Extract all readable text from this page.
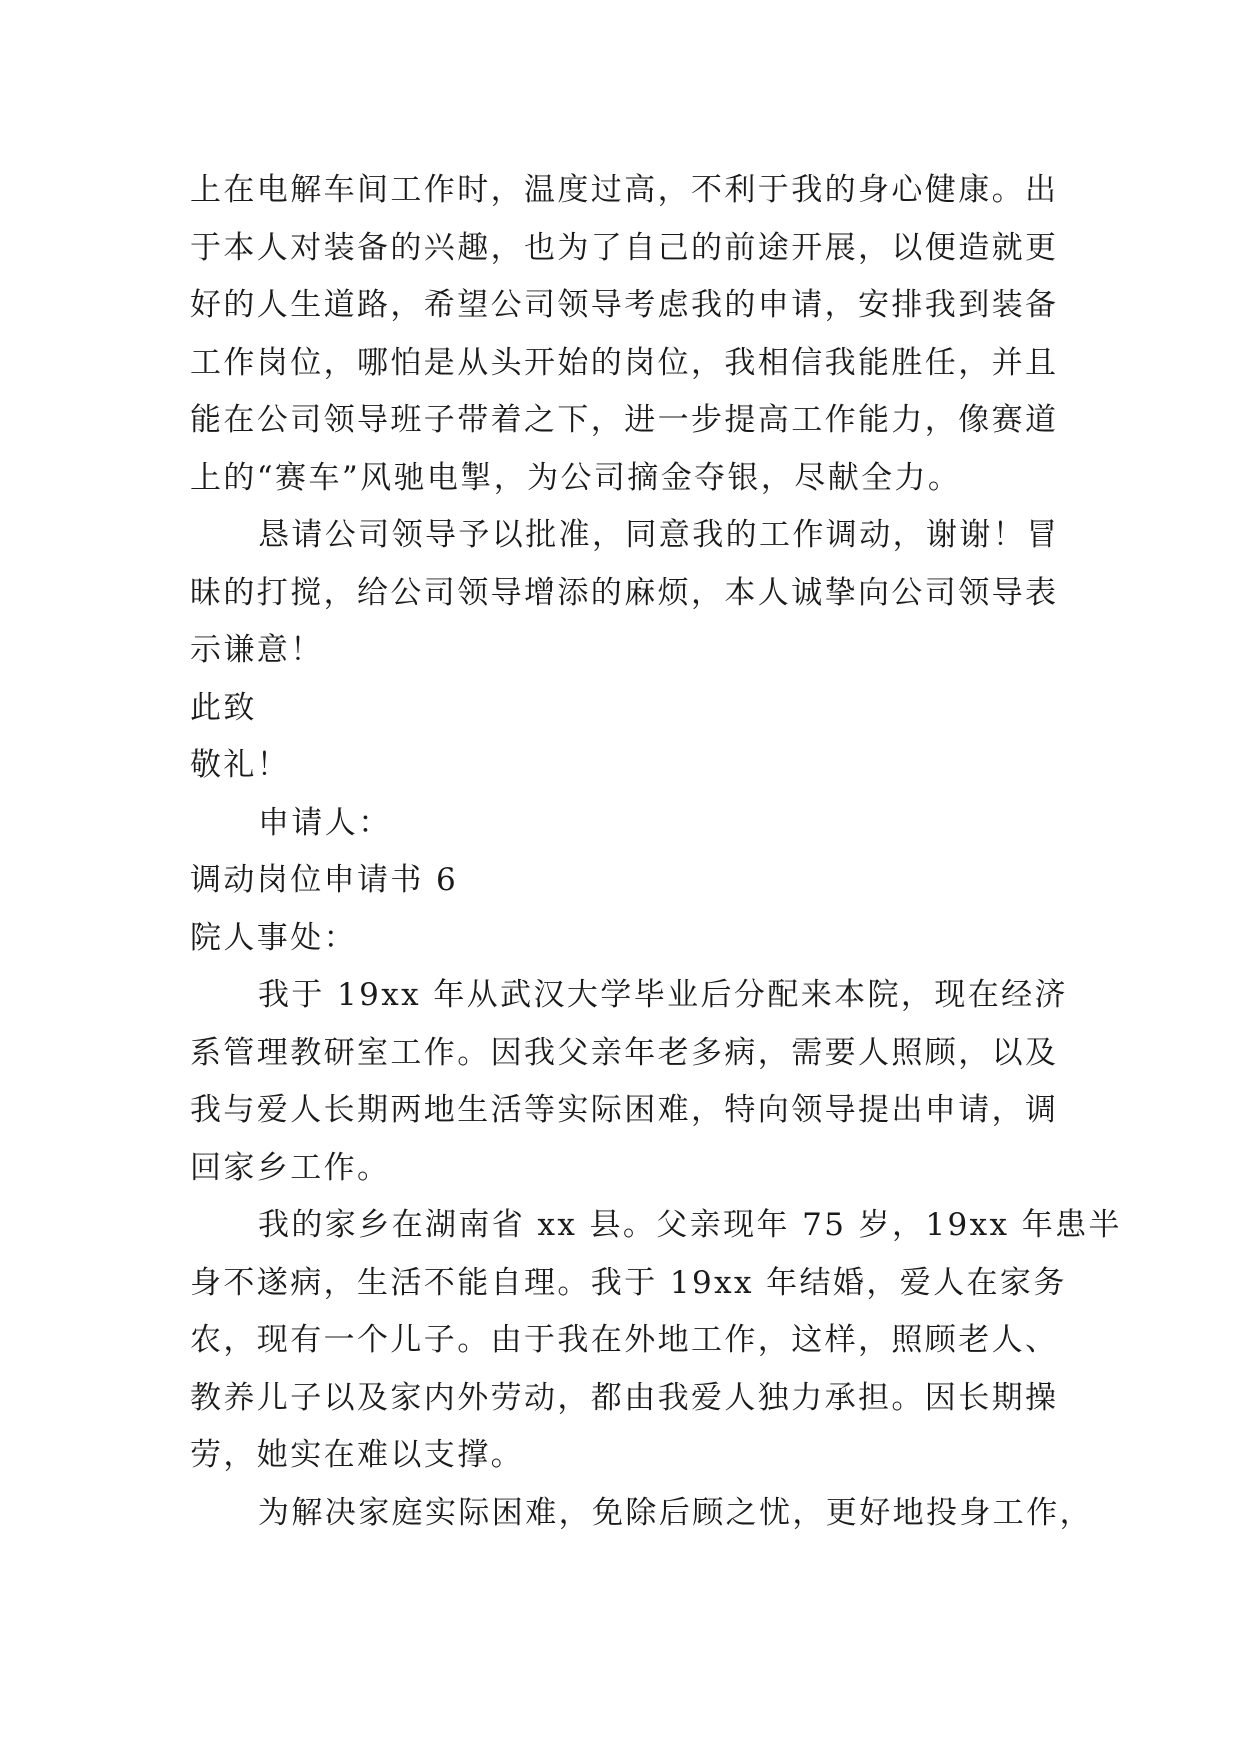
上在电解车间工作时，温度过高，不利于我的身心健康。出
于本人对装备的兴趣，也为了自己的前途开展，以便造就更
好的人生道路，希望公司领导考虑我的申请，安排我到装备
工作岗位，哪怕是从头开始的岗位，我相信我能胜任，并且
能在公司领导班子带着之下，进一步提高工作能力，像赛道
上的“赛车”风驰电掣，为公司摘金夺银，尽献全力。
恳请公司领导予以批准，同意我的工作调动，谢谢！冒
昧的打搅，给公司领导增添的麻烦，本人诚挚向公司领导表
示谦意！
此致
敬礼！
申请人：
调动岗位申请书 6
院人事处：
我于 19xx 年从武汉大学毕业后分配来本院，现在经济
系管理教研室工作。因我父亲年老多病，需要人照顾，以及
我与爱人长期两地生活等实际困难，特向领导提出申请，调
回家乡工作。
我的家乡在湖南省 xx 县。父亲现年 75 岁，19xx 年患半
身不遂病，生活不能自理。我于 19xx 年结婚，爱人在家务
农，现有一个儿子。由于我在外地工作，这样，照顾老人、
教养儿子以及家内外劳动，都由我爱人独力承担。因长期操
劳，她实在难以支撑。
为解决家庭实际困难，免除后顾之忧，更好地投身工作，
